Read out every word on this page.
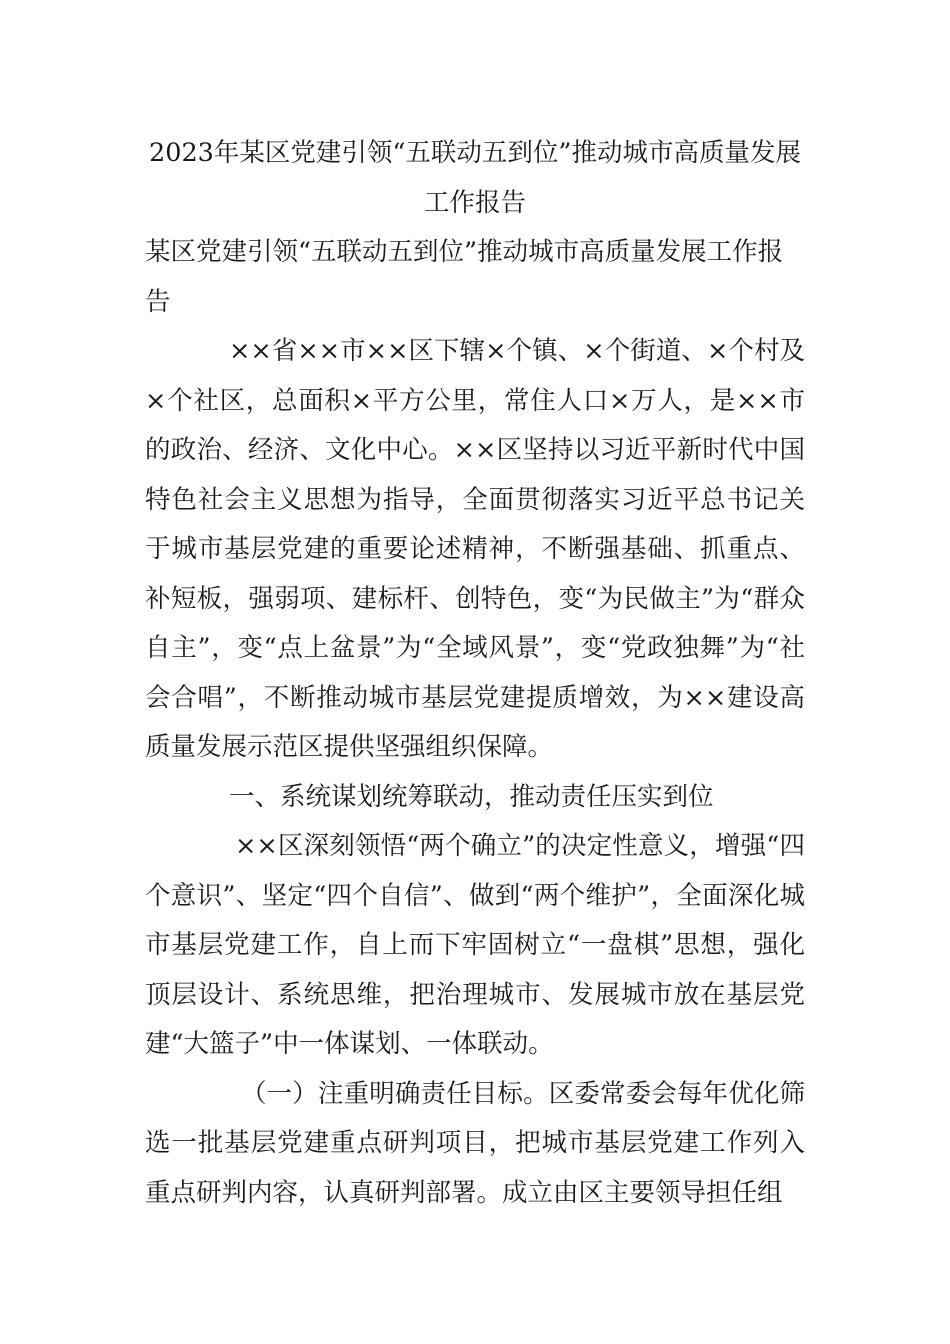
2023年某区党建引领“五联动五到位”推动城市高质量发展工作报告

某区党建引领“五联动五到位”推动城市高质量发展工作报告

××省××市××区下辖×个镇、×个街道、×个村及×个社区，总面积×平方公里，常住人口×万人，是××市的政治、经济、文化中心。××区坚持以习近平新时代中国特色社会主义思想为指导，全面贯彻落实习近平总书记关于城市基层党建的重要论述精神，不断强基础、抓重点、补短板，强弱项、建标杆、创特色，变“为民做主”为“群众自主”，变“点上盆景”为“全域风景”，变“党政独舞”为“社会合唱”，不断推动城市基层党建提质增效，为××建设高质量发展示范区提供坚强组织保障。

一、系统谋划统筹联动，推动责任压实到位

××区深刻领悟“两个确立”的决定性意义，增强“四个意识”、坚定“四个自信”、做到“两个维护”，全面深化城市基层党建工作，自上而下牢固树立“一盘棋”思想，强化顶层设计、系统思维，把治理城市、发展城市放在基层党建“大篮子”中一体谋划、一体联动。

（一）注重明确责任目标。区委常委会每年优化筛选一批基层党建重点研判项目，把城市基层党建工作列入重点研判内容，认真研判部署。成立由区主要领导担任组
